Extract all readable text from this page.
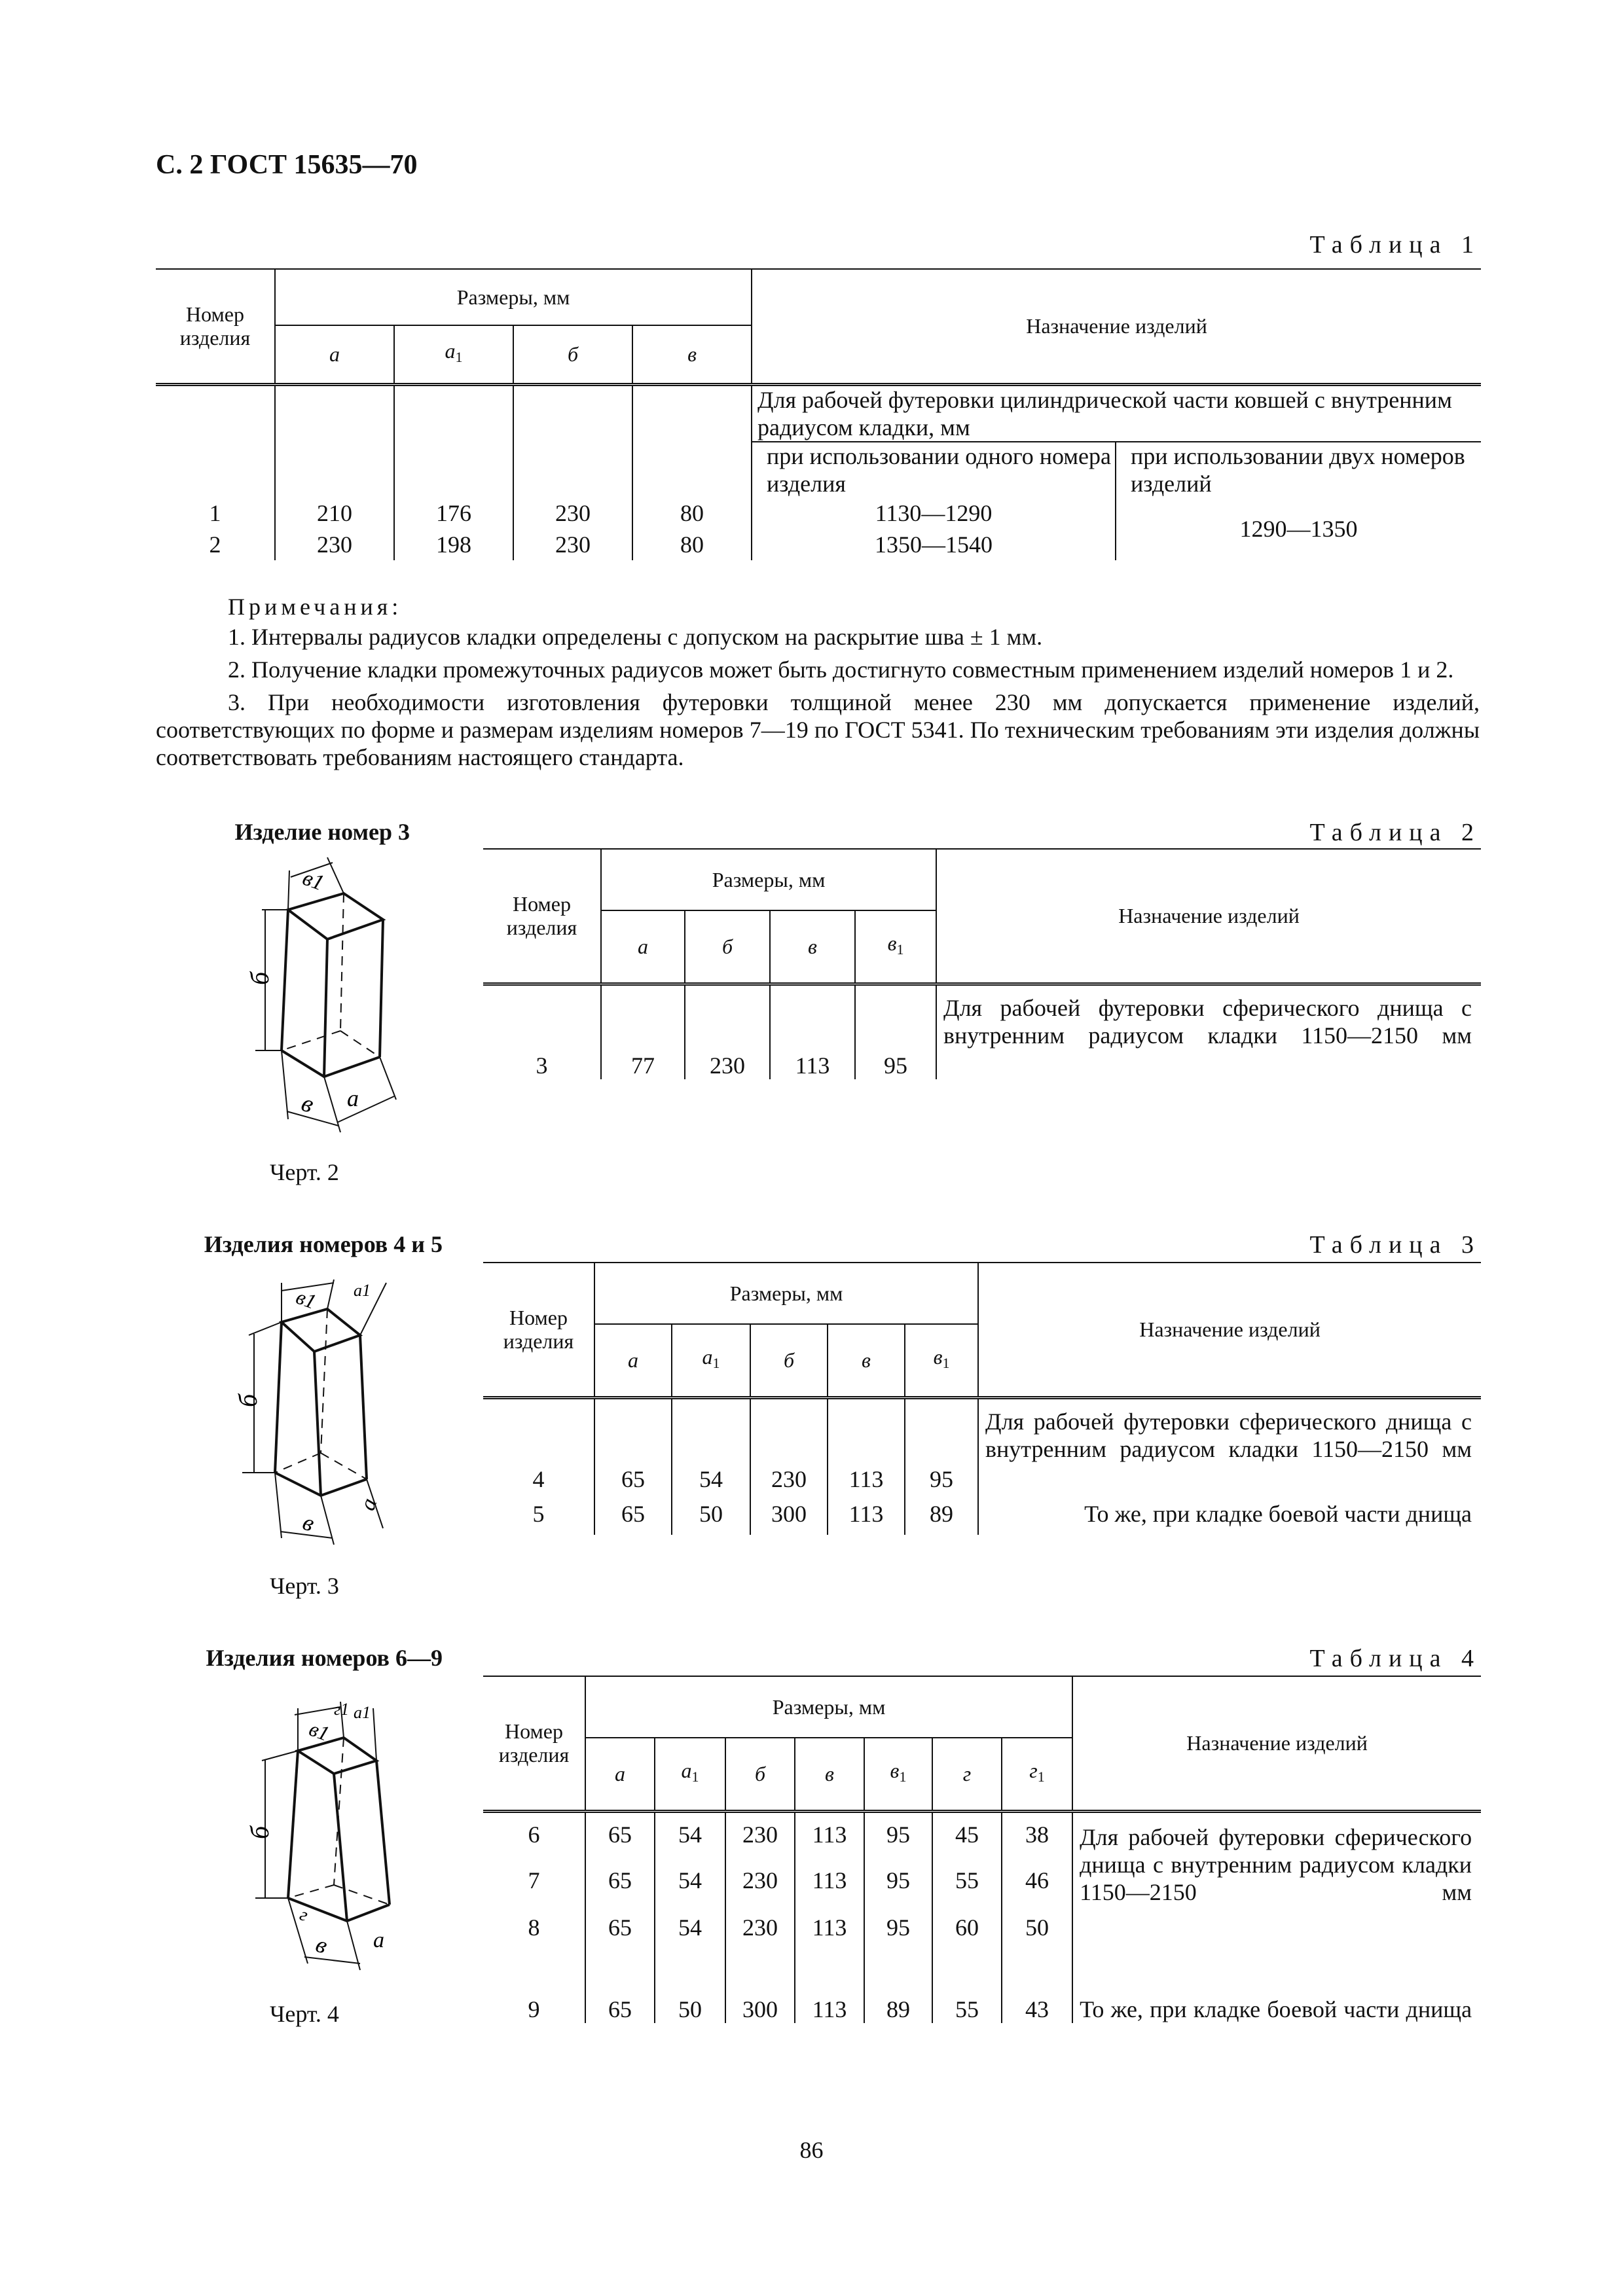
С. 2 ГОСТ 15635—70
Таблица 1
Номер изделия	Размеры, мм				Назначение изделий	
	а	$а_1$	б	в		
					Для рабочей футеровки цилиндрической части ковшей с внутренним радиусом кладки, мм	
					при использовании одного номера изделия	при использовании двух номеров изделий
1	210	176	230	80	1130—1290	1290—1350
2	230	198	230	80	1350—1540	

Примечания:

1. Интервалы радиусов кладки определены с допуском на раскрытие шва ± 1 мм.

2. Получение кладки промежуточных радиусов может быть достигнуто совместным применением изделий номеров 1 и 2.

3. При необходимости изготовления футеровки толщиной менее 230 мм допускается применение изделий, соответствующих по форме и размерам изделиям номеров 7—19 по ГОСТ 5341. По техническим требованиям эти изделия должны соответствовать требованиям настоящего стандарта.

Изделие номер 3	Таблица 2
б
в1
в а
Номер изделия	Размеры, мм				Назначение изделий
	а	б	в	$в_1$

3	77	230	113	95	Для рабочей футеровки сферического днища с внутренним радиусом кладки 1150—2150 мм
Черт. 2
Изделия номеров 4 и 5	Таблица 3
б
в1 а1
в
а
Номер изделия	Размеры, мм					Назначение изделий
	а	$а_1$	б	в	$в_1$

4	65	54	230	113	95	Для рабочей футеровки сферического днища с внутренним радиусом кладки 1150—2150 мм
5	65	50	300	113	89	То же, при кладке боевой части днища
Черт. 3
Изделия номеров 6—9	Таблица 4
б
в1
г1 а1
г
в а
Номер изделия	Размеры, мм							Назначение изделий
	а	$а_1$	б	в	$в_1$	г	$г_1$
6	65	54	230	113	95	45	38	Для рабочей футеровки сферического днища с внутренним радиусом кладки 1150—2150 мм
7	65	54	230	113	95	55	46	
8	65	54	230	113	95	60	50	
9	65	50	300	113	89	55	43	То же, при кладке боевой части днища
Черт. 4
86
